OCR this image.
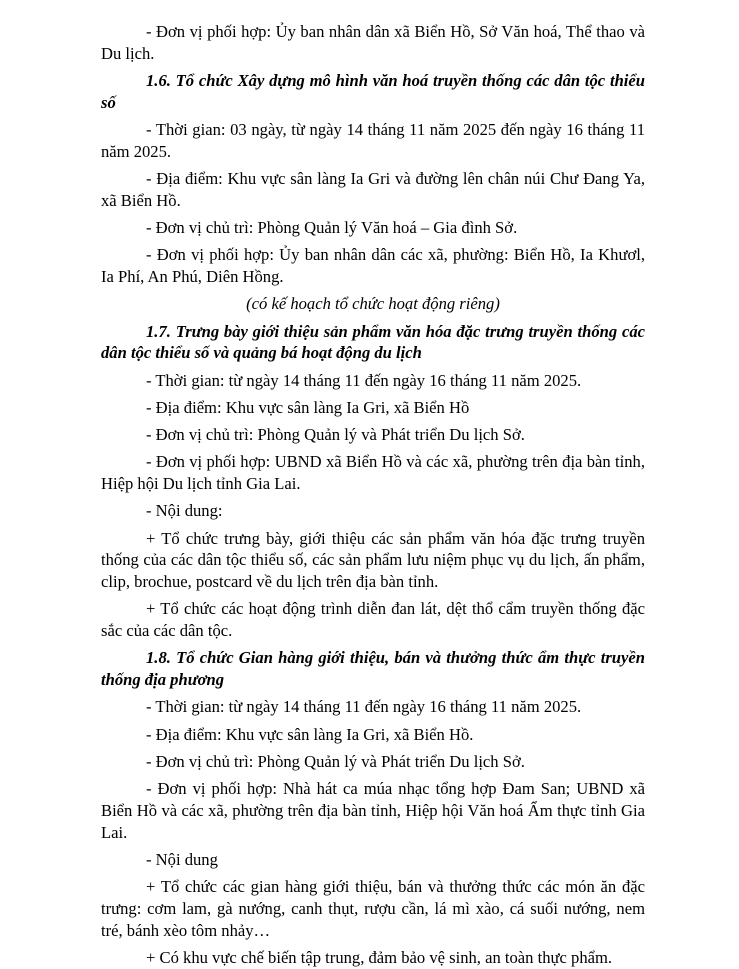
- Đơn vị phối hợp: Ủy ban nhân dân xã Biển Hồ, Sở Văn hoá, Thể thao và Du lịch.

1.6. Tổ chức Xây dựng mô hình văn hoá truyền thống các dân tộc thiểu số

- Thời gian: 03 ngày, từ ngày 14 tháng 11 năm 2025 đến ngày 16 tháng 11 năm 2025.

- Địa điểm: Khu vực sân làng Ia Gri và đường lên chân núi Chư Đang Ya, xã Biển Hồ.

- Đơn vị chủ trì: Phòng Quản lý Văn hoá – Gia đình Sở.

- Đơn vị phối hợp: Ủy ban nhân dân các xã, phường: Biển Hồ, Ia Khươl, Ia Phí, An Phú, Diên Hồng.

(có kế hoạch tổ chức hoạt động riêng)

1.7. Trưng bày giới thiệu sản phẩm văn hóa đặc trưng truyền thống các dân tộc thiểu số và quảng bá hoạt động du lịch

- Thời gian: từ ngày 14 tháng 11 đến ngày 16 tháng 11 năm 2025.

- Địa điểm: Khu vực sân làng Ia Gri, xã Biển Hồ

- Đơn vị chủ trì: Phòng Quản lý và Phát triển Du lịch Sở.

- Đơn vị phối hợp: UBND xã Biển Hồ và các xã, phường trên địa bàn tỉnh, Hiệp hội Du lịch tỉnh Gia Lai.

- Nội dung:

+ Tổ chức trưng bày, giới thiệu các sản phẩm văn hóa đặc trưng truyền thống của các dân tộc thiểu số, các sản phẩm lưu niệm phục vụ du lịch, ấn phẩm, clip, brochue, postcard về du lịch trên địa bàn tỉnh.

+ Tổ chức các hoạt động trình diễn đan lát, dệt thổ cẩm truyền thống đặc sắc của các dân tộc.

1.8. Tổ chức Gian hàng giới thiệu, bán và thưởng thức ẩm thực truyền thống địa phương

- Thời gian: từ ngày 14 tháng 11 đến ngày 16 tháng 11 năm 2025.

- Địa điểm: Khu vực sân làng Ia Gri, xã Biển Hồ.

- Đơn vị chủ trì: Phòng Quản lý và Phát triển Du lịch Sở.

- Đơn vị phối hợp: Nhà hát ca múa nhạc tổng hợp Đam San; UBND xã Biển Hồ và các xã, phường trên địa bàn tỉnh, Hiệp hội Văn hoá Ẩm thực tỉnh Gia Lai.

- Nội dung

+ Tổ chức các gian hàng giới thiệu, bán và thưởng thức các món ăn đặc trưng: cơm lam, gà nướng, canh thụt, rượu cần, lá mì xào, cá suối nướng, nem tré, bánh xèo tôm nhảy…

+ Có khu vực chế biến tập trung, đảm bảo vệ sinh, an toàn thực phẩm.
